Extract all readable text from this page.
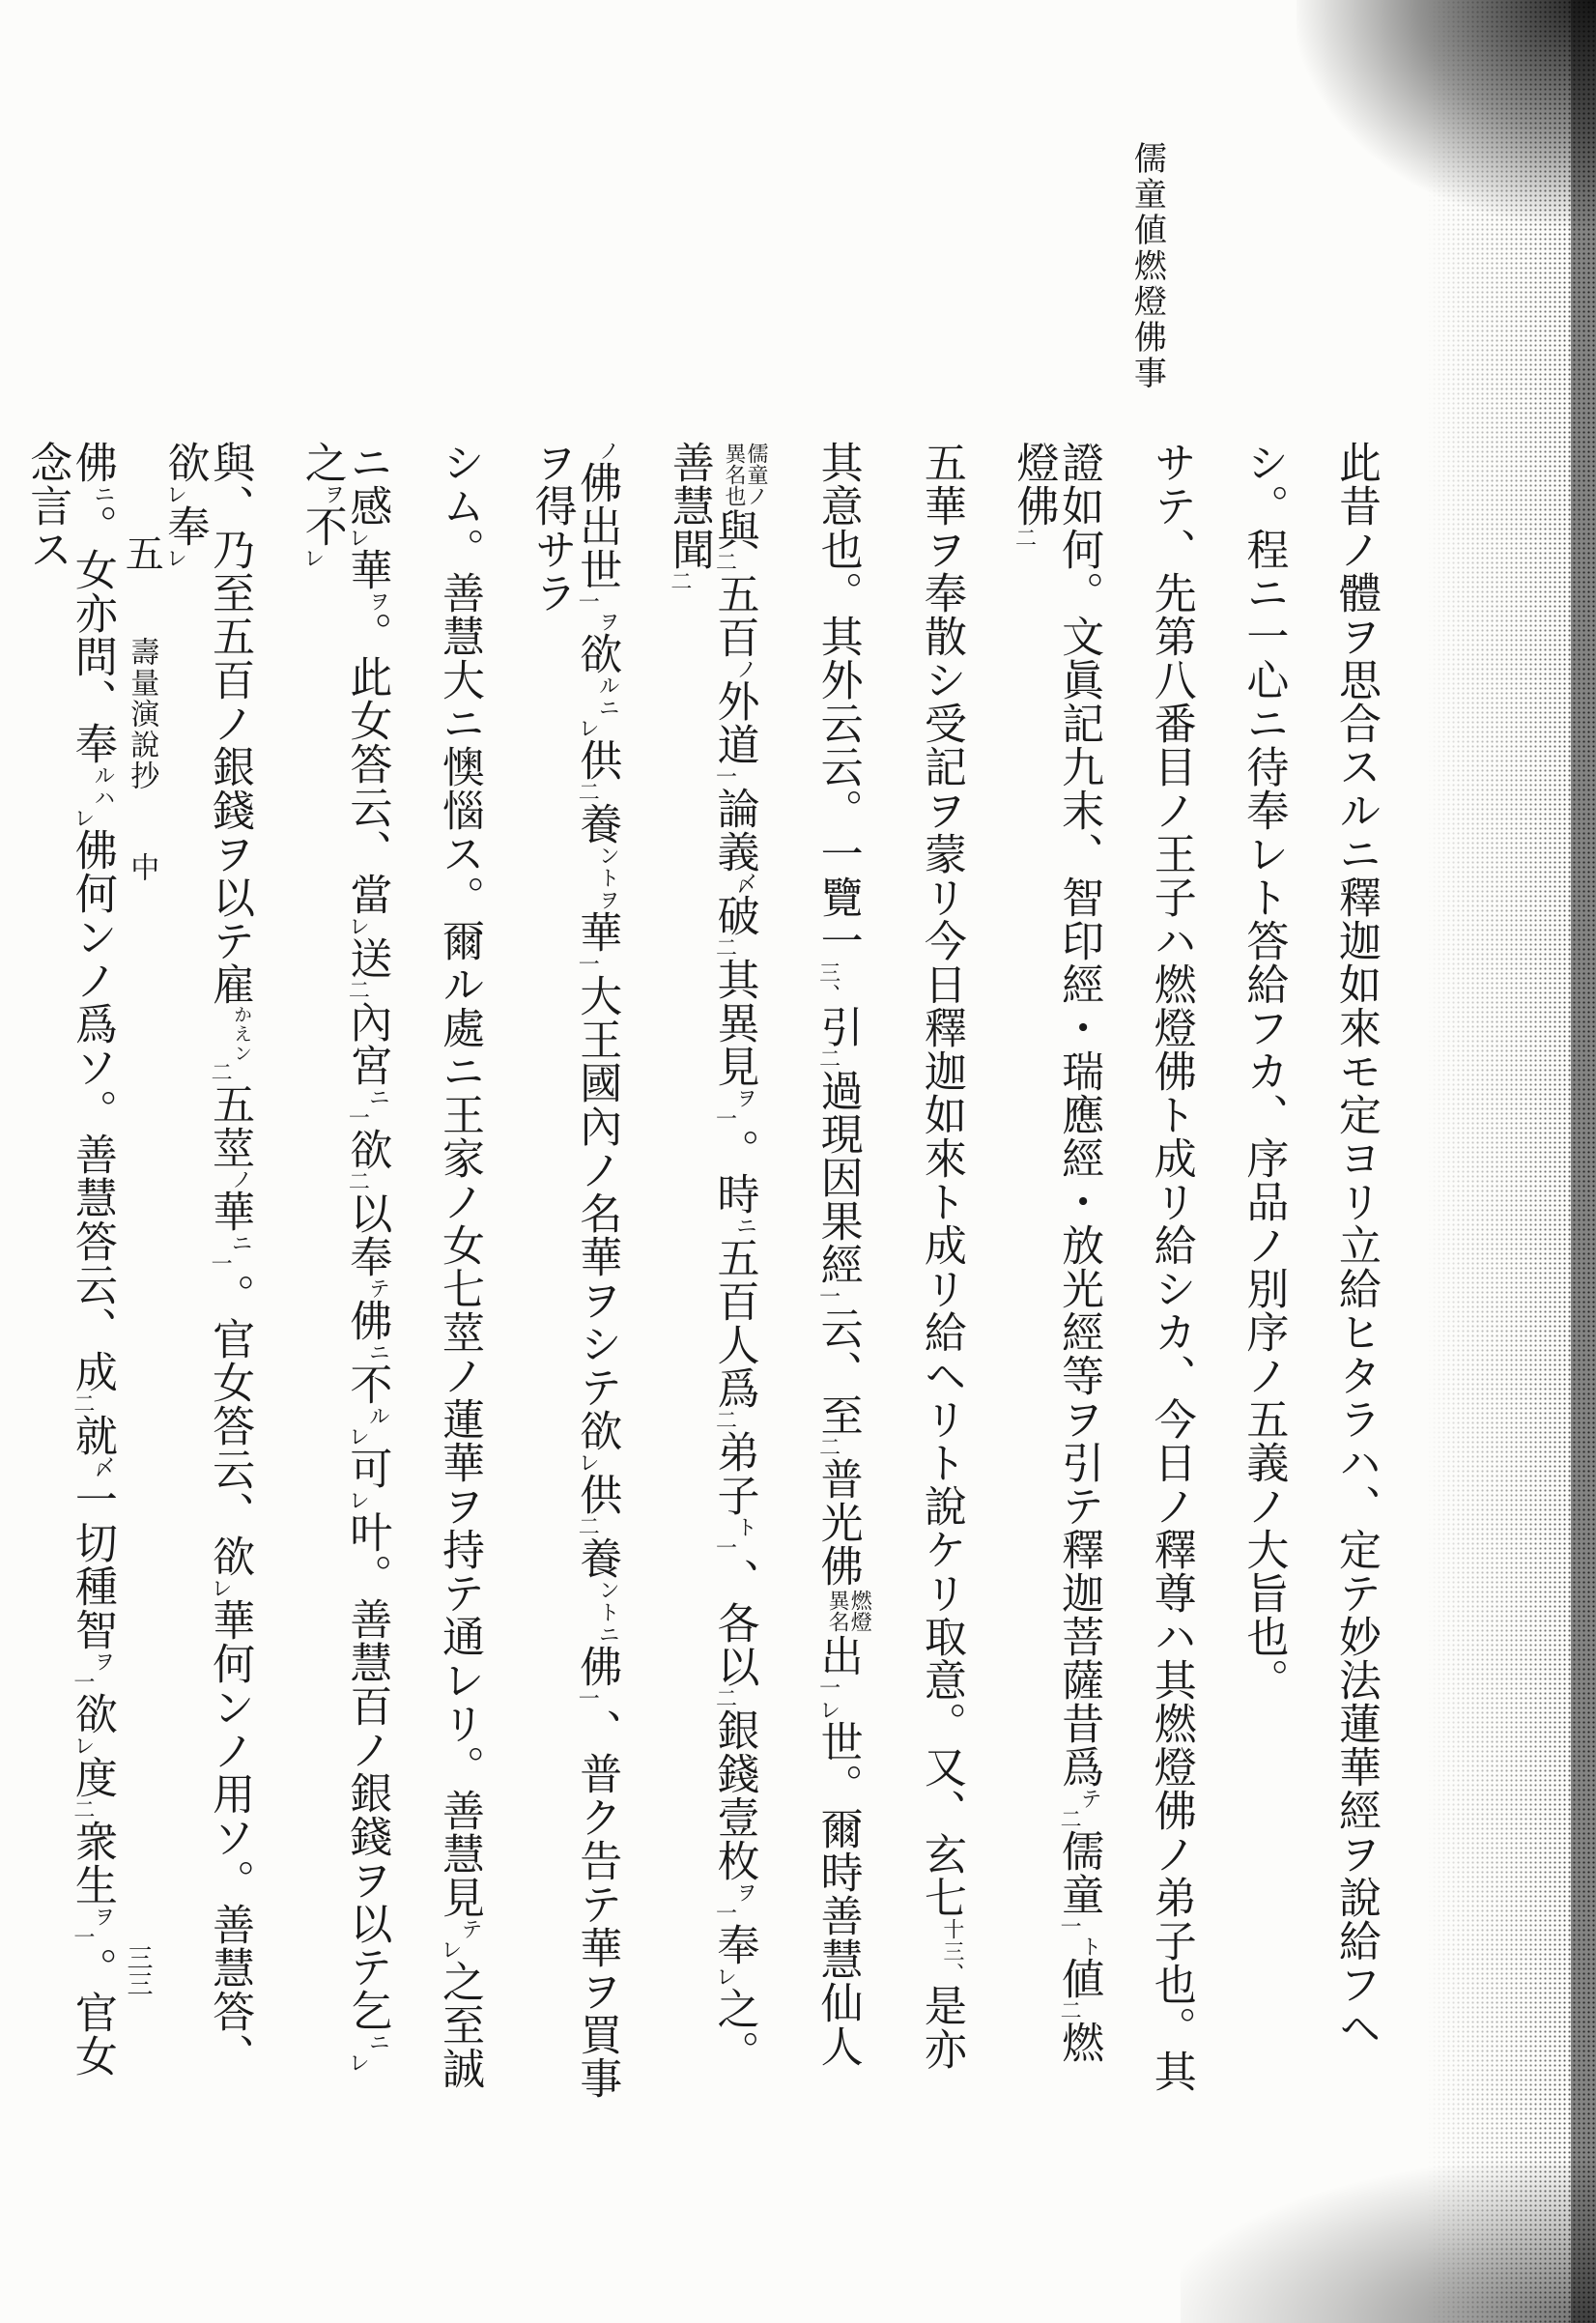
儒童値燃燈佛事
此昔ノ體ヲ思合スルニ釋迦如來モ定ヨリ立給ヒタラハ、定テ妙法蓮華經ヲ說給フヘ
シ。程ニ一心ニ待奉レト答給フカ、序品ノ別序ノ五義ノ大旨也。
サテ、先第八番目ノ王子ハ燃燈佛ト成リ給シカ、今日ノ釋尊ハ其燃燈佛ノ弟子也。其
證如何。文眞記九末、智印經・瑞應經・放光經等ヲ引テ釋迦菩薩昔爲テ二儒童一ト値二燃燈佛二
五華ヲ奉散シ受記ヲ蒙リ今日釋迦如來ト成リ給ヘリト說ケリ取意。又、玄七十三、是亦
其意也。其外云云。一覽一三、引二過現因果經一云、至二普光佛
燃燈
異名
出一レ世。爾時善慧仙人
儒童ノ
異名也
與二五百ノ外道一論義〆破二其異見ヲ一。時ニ五百人爲二弟子ト一、各以二銀錢壹枚ヲ一奉レ之。善慧聞二
ノ佛出世一ヲ欲ルニレ供二養ントヲ華一大王國內ノ名華ヲシテ欲レ供二養ントニ佛一、普ク告テ華ヲ買事ヲ得サラ
シム。善慧大ニ懊惱ス。爾ル處ニ王家ノ女七莖ノ蓮華ヲ持テ通レリ。善慧見テレ之至誠
ニ感レ華ヲ。此女答云、當レ送二內宮ニ一欲二以奉テ佛ニ不ルレ可レ叶。善慧百ノ銀錢ヲ以テ乞ニレ之ヲ不レ
與、乃至五百ノ銀錢ヲ以テ雇かえン二五莖ノ華ニ一。官女答云、欲レ華何ンノ用ソ。善慧答、欲レ奉レ
佛ニ。女亦問、奉ルハレ佛何ンノ爲ソ。善慧答云、成二就〆一切種智ヲ一欲レ度二衆生ヲ一。官女念言ス	五 壽量演說抄 中
三三
